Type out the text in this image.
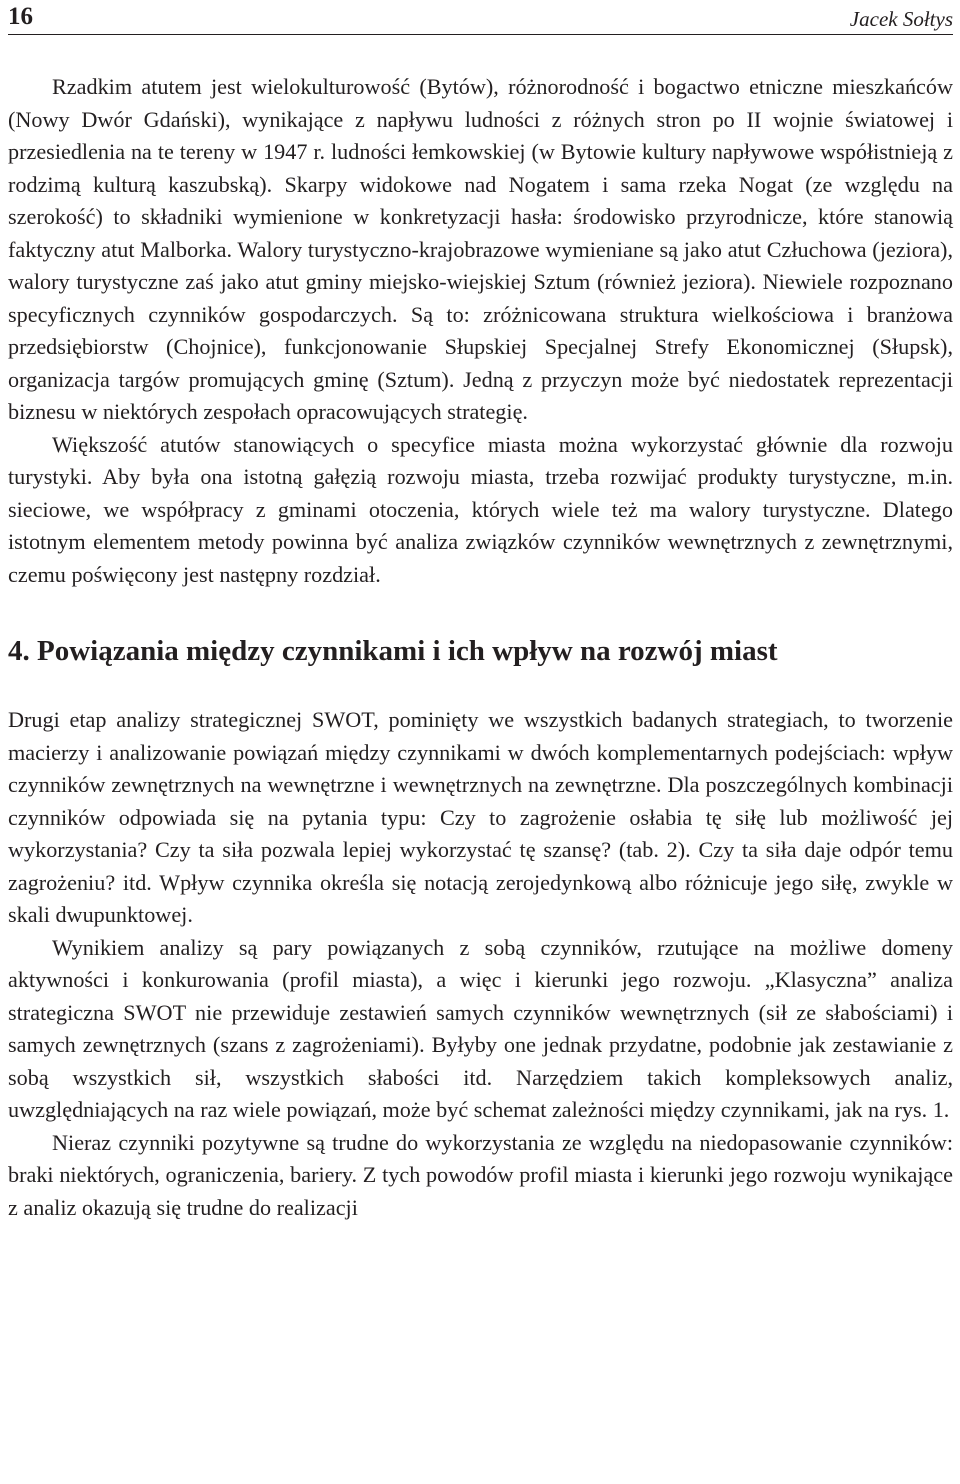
16	Jacek Sołtys

Rzadkim atutem jest wielokulturowość (Bytów), różnorodność i bogactwo etniczne mieszkańców (Nowy Dwór Gdański), wynikające z napływu ludności z różnych stron po II wojnie światowej i przesiedlenia na te tereny w 1947 r. ludności łemkowskiej (w Bytowie kultury napływowe współistnieją z rodzimą kulturą kaszubską). Skarpy widokowe nad Nogatem i sama rzeka Nogat (ze względu na szerokość) to składniki wymienione w konkretyzacji hasła: środowisko przyrodnicze, które stanowią faktyczny atut Malborka. Walory turystyczno-krajobrazowe wymieniane są jako atut Człuchowa (jeziora), walory turystyczne zaś jako atut gminy miejsko-wiejskiej Sztum (również jeziora). Niewiele rozpoznano specyficznych czynników gospodarczych. Są to: zróżnicowana struktura wielkościowa i branżowa przedsiębiorstw (Chojnice), funkcjonowanie Słupskiej Specjalnej Strefy Ekonomicznej (Słupsk), organizacja targów promujących gminę (Sztum). Jedną z przyczyn może być niedostatek reprezentacji biznesu w niektórych zespołach opracowujących strategię.

Większość atutów stanowiących o specyfice miasta można wykorzystać głównie dla rozwoju turystyki. Aby była ona istotną gałęzią rozwoju miasta, trzeba rozwijać produkty turystyczne, m.in. sieciowe, we współpracy z gminami otoczenia, których wiele też ma walory turystyczne. Dlatego istotnym elementem metody powinna być analiza związków czynników wewnętrznych z zewnętrznymi, czemu poświęcony jest następny rozdział.

4. Powiązania między czynnikami i ich wpływ na rozwój miast

Drugi etap analizy strategicznej SWOT, pominięty we wszystkich badanych strategiach, to tworzenie macierzy i analizowanie powiązań między czynnikami w dwóch komplementarnych podejściach: wpływ czynników zewnętrznych na wewnętrzne i wewnętrznych na zewnętrzne. Dla poszczególnych kombinacji czynników odpowiada się na pytania typu: Czy to zagrożenie osłabia tę siłę lub możliwość jej wykorzystania? Czy ta siła pozwala lepiej wykorzystać tę szansę? (tab. 2). Czy ta siła daje odpór temu zagrożeniu? itd. Wpływ czynnika określa się notacją zerojedynkową albo różnicuje jego siłę, zwykle w skali dwupunktowej.

Wynikiem analizy są pary powiązanych z sobą czynników, rzutujące na możliwe domeny aktywności i konkurowania (profil miasta), a więc i kierunki jego rozwoju. „Klasyczna” analiza strategiczna SWOT nie przewiduje zestawień samych czynników wewnętrznych (sił ze słabościami) i samych zewnętrznych (szans z zagrożeniami). Byłyby one jednak przydatne, podobnie jak zestawianie z sobą wszystkich sił, wszystkich słabości itd. Narzędziem takich kompleksowych analiz, uwzględniających na raz wiele powiązań, może być schemat zależności między czynnikami, jak na rys. 1.

Nieraz czynniki pozytywne są trudne do wykorzystania ze względu na niedopasowanie czynników: braki niektórych, ograniczenia, bariery. Z tych powodów profil miasta i kierunki jego rozwoju wynikające z analiz okazują się trudne do realizacji
